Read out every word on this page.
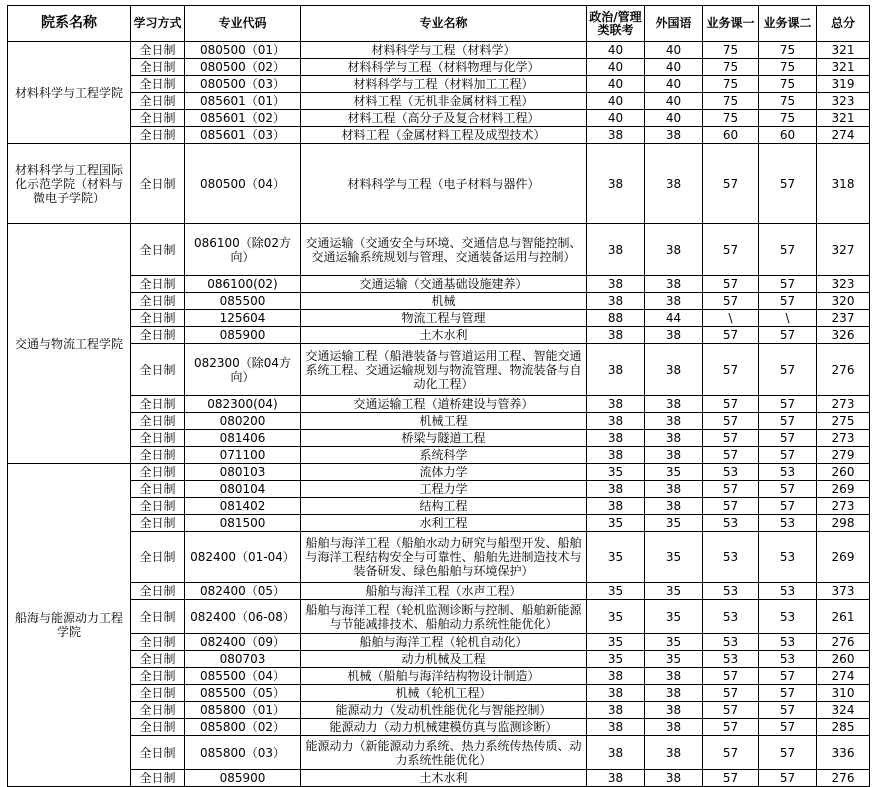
院系名称	学习方式	专业代码	专业名称	政治/管理类联考	外国语	业务课一	业务课二	总分
材料科学与工程学院	全日制	080500（01）	材料科学与工程（材料学）	40	40	75	75	321
	全日制	080500（02）	材料科学与工程（材料物理与化学）	40	40	75	75	321
	全日制	080500（03）	材料科学与工程（材料加工工程）	40	40	75	75	319
	全日制	085601（01）	材料工程（无机非金属材料工程）	40	40	75	75	323
	全日制	085601（02）	材料工程（高分子及复合材料工程）	40	40	75	75	321
	全日制	085601（03）	材料工程（金属材料工程及成型技术）	38	38	60	60	274
材料科学与工程国际化示范学院（材料与微电子学院）	全日制	080500（04）	材料科学与工程（电子材料与器件）	38	38	57	57	318
交通与物流工程学院	全日制	086100（除02方向）	交通运输（交通安全与环境、交通信息与智能控制、交通运输系统规划与管理、交通装备运用与控制）	38	38	57	57	327
	全日制	086100(02)	交通运输（交通基础设施建养）	38	38	57	57	323
	全日制	085500	机械	38	38	57	57	320
	全日制	125604	物流工程与管理	88	44	\	\	237
	全日制	085900	土木水利	38	38	57	57	326
	全日制	082300（除04方向）	交通运输工程（船港装备与管道运用工程、智能交通系统工程、交通运输规划与物流管理、物流装备与自动化工程）	38	38	57	57	276
	全日制	082300(04)	交通运输工程（道桥建设与管养）	38	38	57	57	273
	全日制	080200	机械工程	38	38	57	57	275
	全日制	081406	桥梁与隧道工程	38	38	57	57	273
	全日制	071100	系统科学	38	38	57	57	279
船海与能源动力工程学院	全日制	080103	流体力学	35	35	53	53	260
	全日制	080104	工程力学	38	38	57	57	269
	全日制	081402	结构工程	38	38	57	57	273
	全日制	081500	水利工程	35	35	53	53	298
	全日制	082400（01-04）	船舶与海洋工程（船舶水动力研究与船型开发、船舶与海洋工程结构安全与可靠性、船舶先进制造技术与装备研发、绿色船舶与环境保护）	35	35	53	53	269
	全日制	082400（05）	船舶与海洋工程（水声工程）	35	35	53	53	373
	全日制	082400（06-08）	船舶与海洋工程（轮机监测诊断与控制、船舶新能源与节能减排技术、船舶动力系统性能优化）	35	35	53	53	261
	全日制	082400（09）	船舶与海洋工程（轮机自动化）	35	35	53	53	276
	全日制	080703	动力机械及工程	35	35	53	53	260
	全日制	085500（04）	机械（船舶与海洋结构物设计制造）	38	38	57	57	274
	全日制	085500（05）	机械（轮机工程）	38	38	57	57	310
	全日制	085800（01）	能源动力（发动机性能优化与智能控制）	38	38	57	57	324
	全日制	085800（02）	能源动力（动力机械建模仿真与监测诊断）	38	38	57	57	285
	全日制	085800（03）	能源动力（新能源动力系统、热力系统传热传质、动力系统性能优化）	38	38	57	57	336
	全日制	085900	土木水利	38	38	57	57	276
